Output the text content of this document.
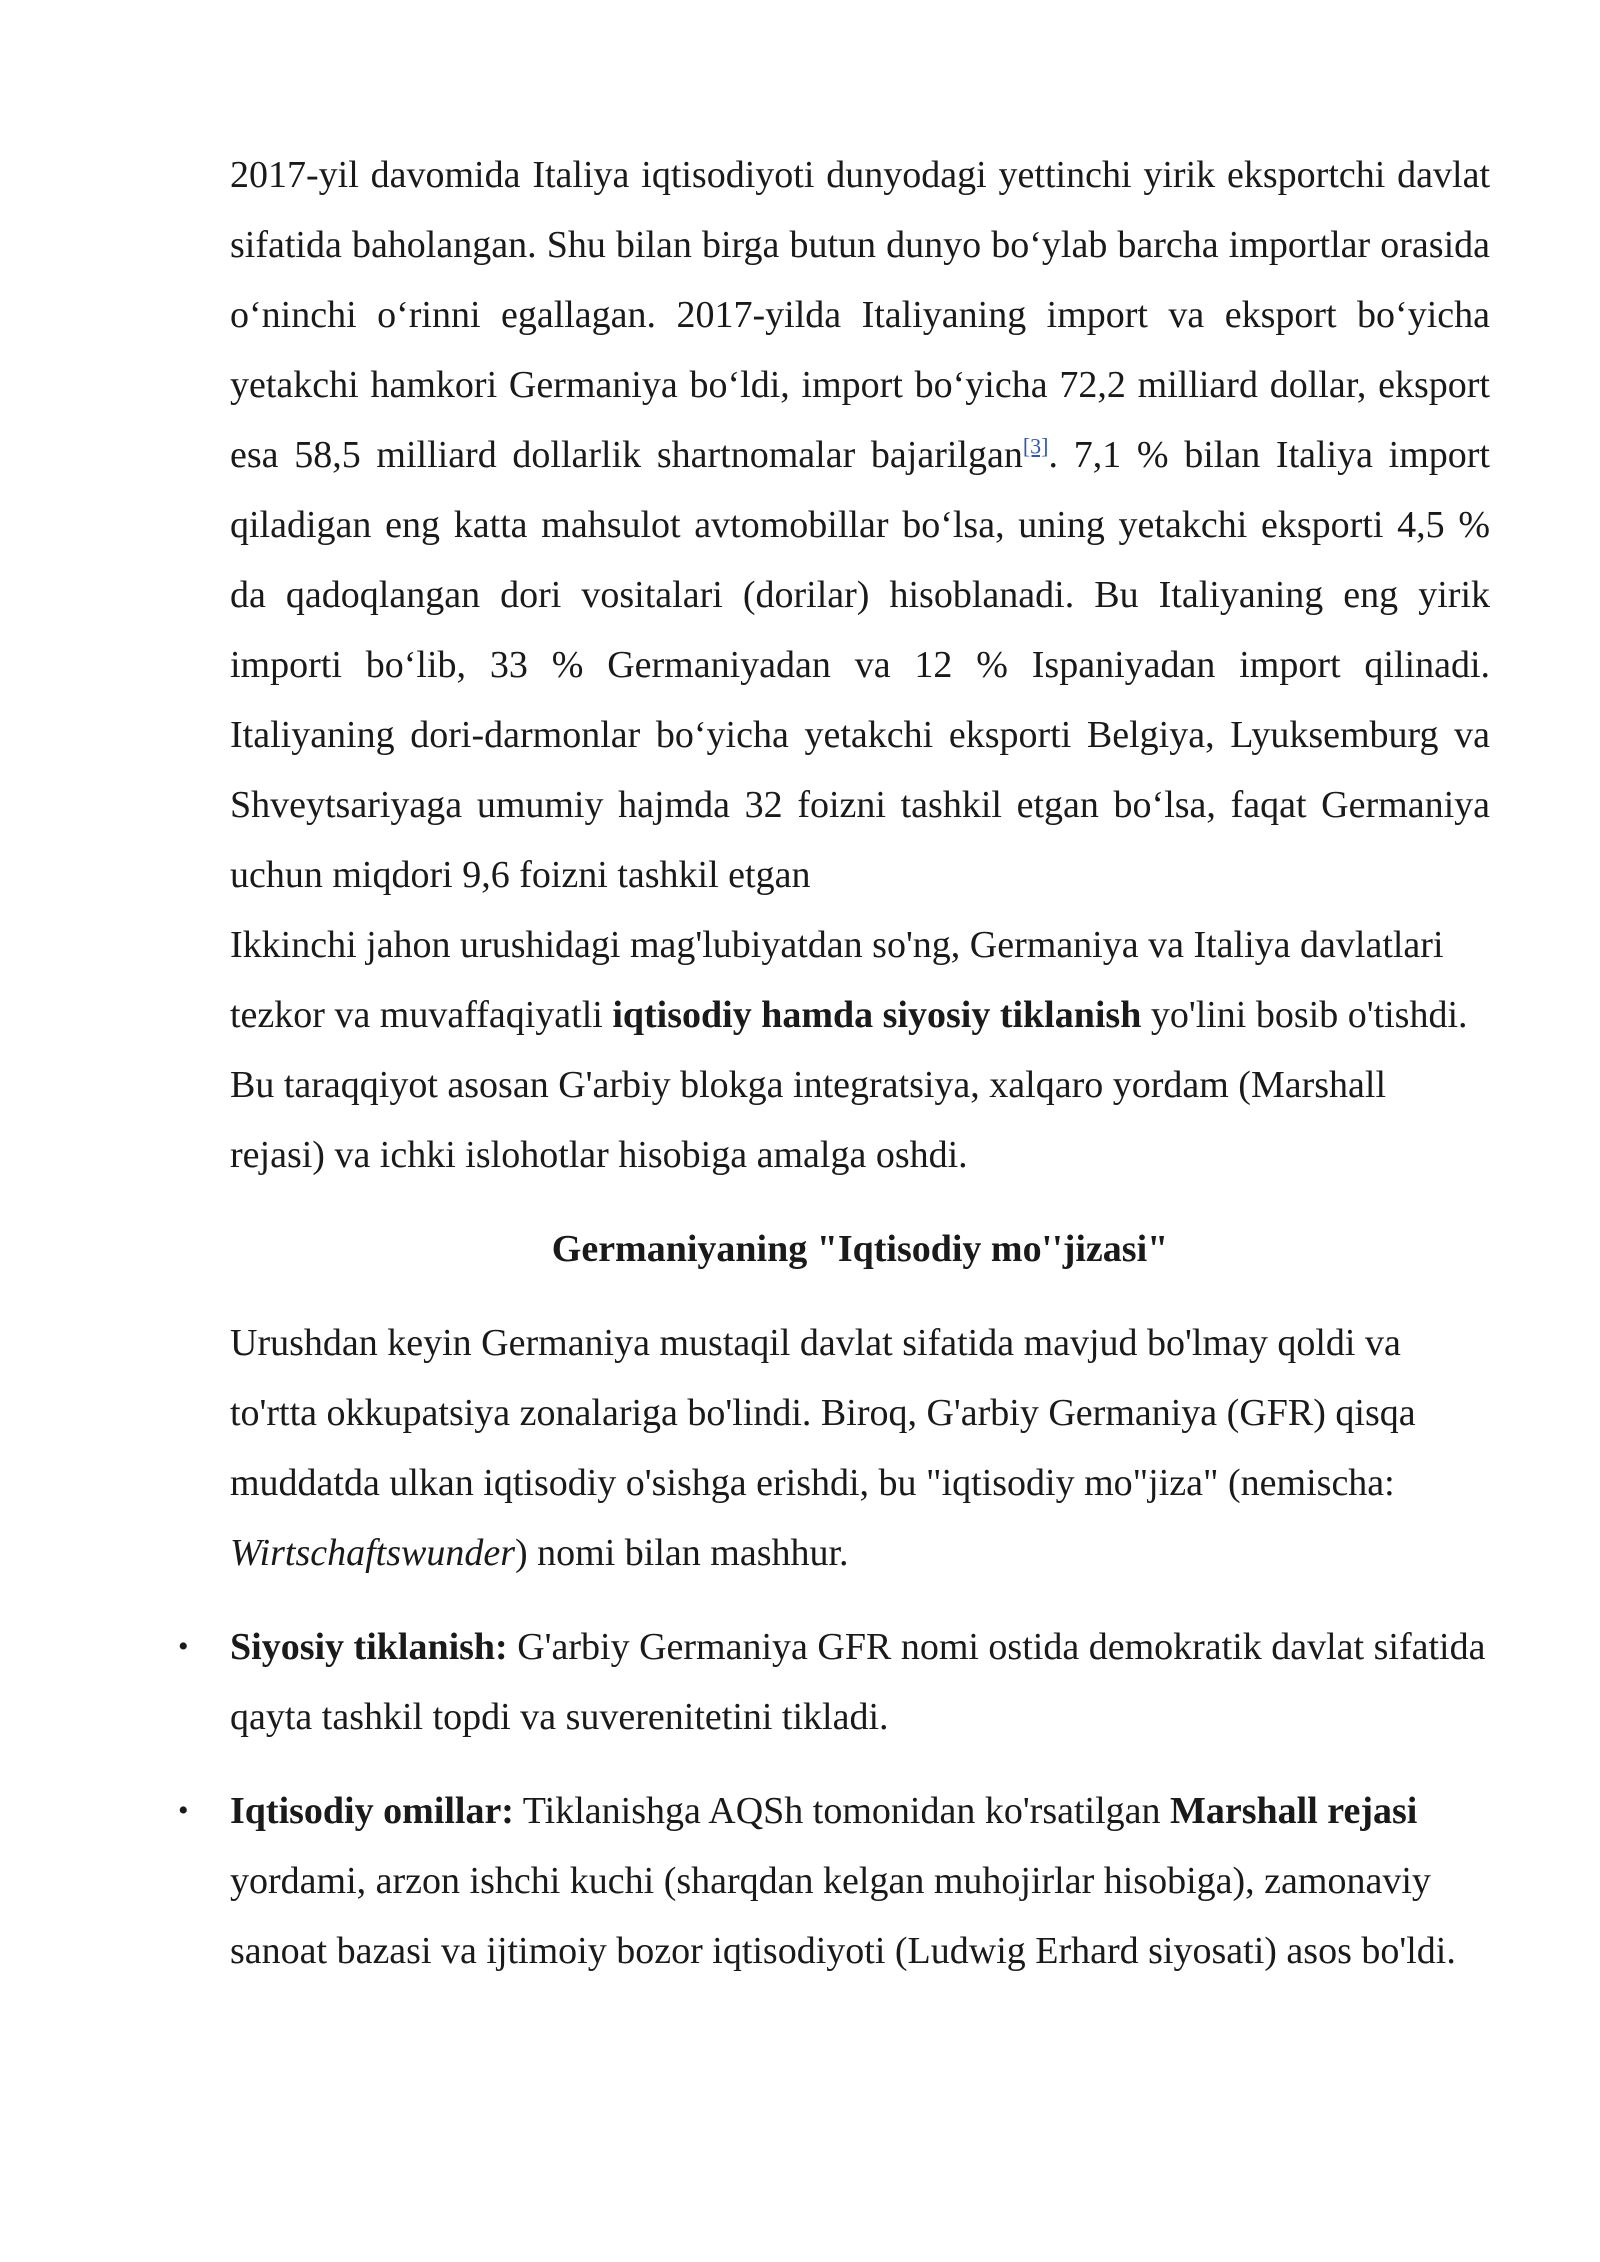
2017-yil davomida Italiya iqtisodiyoti dunyodagi yettinchi yirik eksportchi davlat sifatida baholangan. Shu bilan birga butun dunyo boʻylab barcha importlar orasida oʻninchi oʻrinni egallagan. 2017-yilda Italiyaning import va eksport boʻyicha yetakchi hamkori Germaniya boʻldi, import boʻyicha 72,2 milliard dollar, eksport esa 58,5 milliard dollarlik shartnomalar bajarilgan[3]. 7,1 % bilan Italiya import qiladigan eng katta mahsulot avtomobillar boʻlsa, uning yetakchi eksporti 4,5 % da qadoqlangan dori vositalari (dorilar) hisoblanadi. Bu Italiyaning eng yirik importi boʻlib, 33 % Germaniyadan va 12 % Ispaniyadan import qilinadi. Italiyaning dori-darmonlar boʻyicha yetakchi eksporti Belgiya, Lyuksemburg va Shveytsariyaga umumiy hajmda 32 foizni tashkil etgan boʻlsa, faqat Germaniya uchun miqdori 9,6 foizni tashkil etgan

Ikkinchi jahon urushidagi mag'lubiyatdan so'ng, Germaniya va Italiya davlatlari tezkor va muvaffaqiyatli iqtisodiy hamda siyosiy tiklanish yo'lini bosib o'tishdi. Bu taraqqiyot asosan G'arbiy blokga integratsiya, xalqaro yordam (Marshall rejasi) va ichki islohotlar hisobiga amalga oshdi.

Germaniyaning "Iqtisodiy mo''jizasi"

Urushdan keyin Germaniya mustaqil davlat sifatida mavjud bo'lmay qoldi va to'rtta okkupatsiya zonalariga bo'lindi. Biroq, G'arbiy Germaniya (GFR) qisqa muddatda ulkan iqtisodiy o'sishga erishdi, bu "iqtisodiy mo"jiza" (nemischa: Wirtschaftswunder) nomi bilan mashhur.

• Siyosiy tiklanish: G'arbiy Germaniya GFR nomi ostida demokratik davlat sifatida qayta tashkil topdi va suverenitetini tikladi.
• Iqtisodiy omillar: Tiklanishga AQSh tomonidan ko'rsatilgan Marshall rejasi yordami, arzon ishchi kuchi (sharqdan kelgan muhojirlar hisobiga), zamonaviy sanoat bazasi va ijtimoiy bozor iqtisodiyoti (Ludwig Erhard siyosati) asos bo'ldi.
